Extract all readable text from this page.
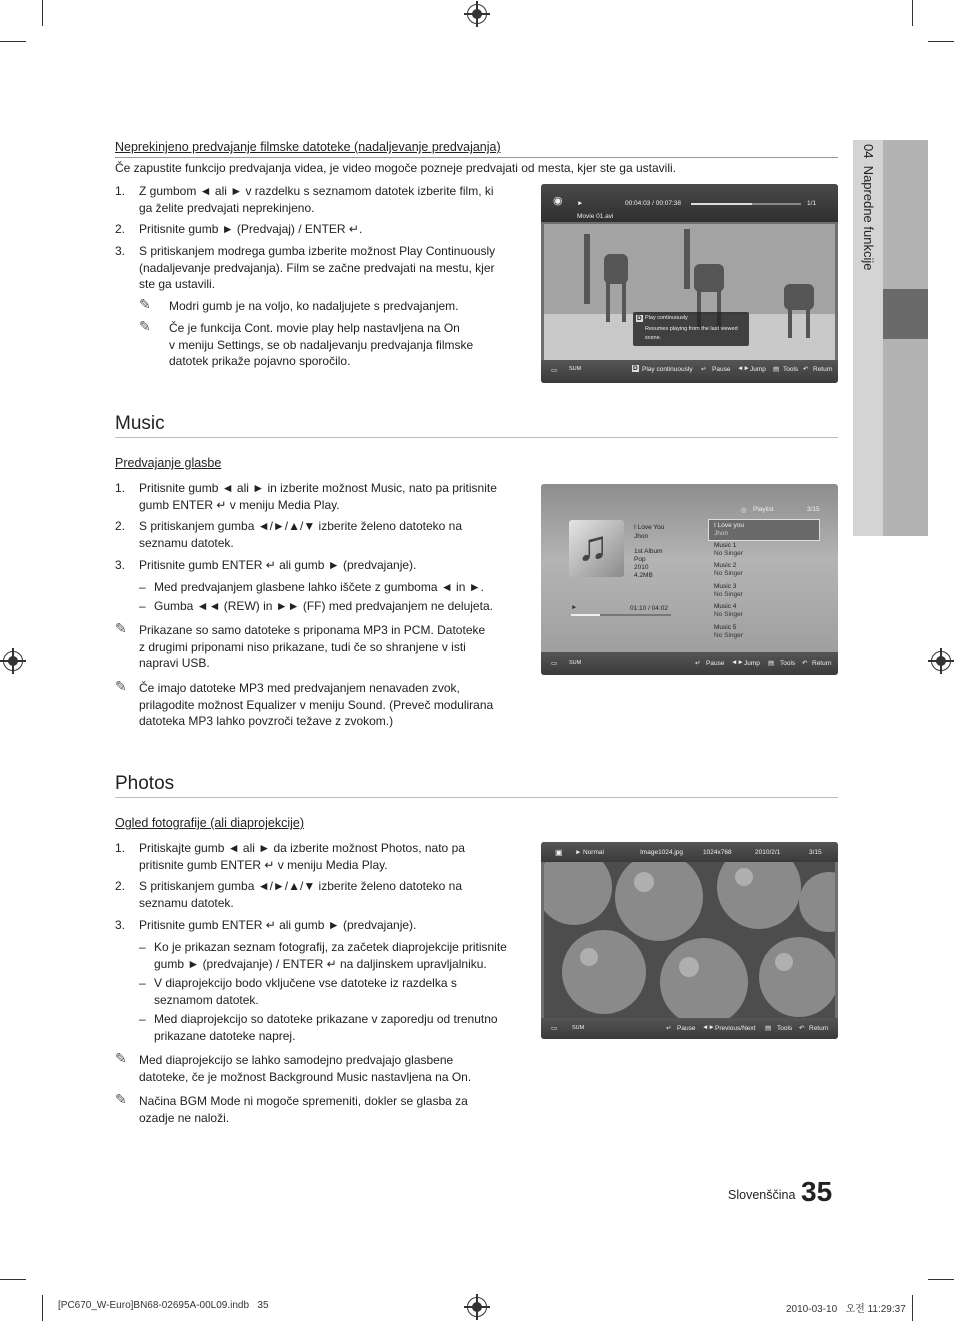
04  Napredne funkcije
Neprekinjeno predvajanje filmske datoteke (nadaljevanje predvajanja)
Če zapustite funkcijo predvajanja videa, je video mogoče pozneje predvajati od mesta, kjer ste ga ustavili.
1. Z gumbom ◄ ali ► v razdelku s seznamom datotek izberite film, ki
ga želite predvajati neprekinjeno.
2. Pritisnite gumb ► (Predvajaj) / ENTER ↵.
3. S pritiskanjem modrega gumba izberite možnost Play Continuously
(nadaljevanje predvajanja). Film se začne predvajati na mestu, kjer
ste ga ustavili.
✎ Modri gumb je na voljo, ko nadaljujete s predvajanjem.
✎ Če je funkcija Cont. movie play help nastavljena na On
v meniju Settings, se ob nadaljevanju predvajanja filmske
datotek prikaže pojavno sporočilo.
◉ ►	00:04:03 / 00:07:38	1/1
Movie 01.avi
D Play continuously
Resumes playing from the last viewed scene.
▭ SUM	D Play continuously ↵ Pause ◄► Jump ▤ Tools ↶ Return
Music
Predvajanje glasbe
1. Pritisnite gumb ◄ ali ► in izberite možnost Music, nato pa pritisnite
gumb ENTER ↵ v meniju Media Play.
2. S pritiskanjem gumba ◄/►/▲/▼ izberite želeno datoteko na
seznamu datotek.
3. Pritisnite gumb ENTER ↵ ali gumb ► (predvajanje).
– Med predvajanjem glasbene lahko iščete z gumboma ◄ in ►.
– Gumba ◄◄ (REW) in ►► (FF) med predvajanjem ne delujeta.
✎ Prikazane so samo datoteke s priponama MP3 in PCM. Datoteke
z drugimi priponami niso prikazane, tudi če so shranjene v isti
napravi USB.
✎ Če imajo datoteke MP3 med predvajanjem nenavaden zvok,
prilagodite možnost Equalizer v meniju Sound. (Preveč modulirana
datoteka MP3 lahko povzroči težave z zvokom.)
◎ Playlist	3/15
♫	I Love You
Jhon
1st Album
Pop
2010
4.2MB
►	01:10 / 04:02
I Love you
Jhon
Music 1
No Singer
Music 2
No Singer
Music 3
No Singer
Music 4
No Singer
Music 5
No Singer
▭ SUM	↵ Pause ◄► Jump ▤ Tools ↶ Return
Photos
Ogled fotografije (ali diaprojekcije)
1. Pritiskajte gumb ◄ ali ► da izberite možnost Photos, nato pa
pritisnite gumb ENTER ↵ v meniju Media Play.
2. S pritiskanjem gumba ◄/►/▲/▼ izberite želeno datoteko na
seznamu datotek.
3. Pritisnite gumb ENTER ↵ ali gumb ► (predvajanje).
– Ko je prikazan seznam fotografij, za začetek diaprojekcije pritisnite
gumb ► (predvajanje) / ENTER ↵ na daljinskem upravljalniku.
– V diaprojekcijo bodo vključene vse datoteke iz razdelka s
seznamom datotek.
– Med diaprojekcijo so datoteke prikazane v zaporedju od trenutno
prikazane datoteke naprej.
✎ Med diaprojekcijo se lahko samodejno predvajajo glasbene
datoteke, če je možnost Background Music nastavljena na On.
✎ Načina BGM Mode ni mogoče spremeniti, dokler se glasba za
ozadje ne naloži.
▣ ► Normal	Image1024.jpg	1024x768	2010/2/1	3/15
▭	SUM	↵ Pause ◄► Previous/Next ▤ Tools ↶ Return
Slovenščina 35
[PC670_W-Euro]BN68-02695A-00L09.indb   35	2010-03-10   오전 11:29:37
